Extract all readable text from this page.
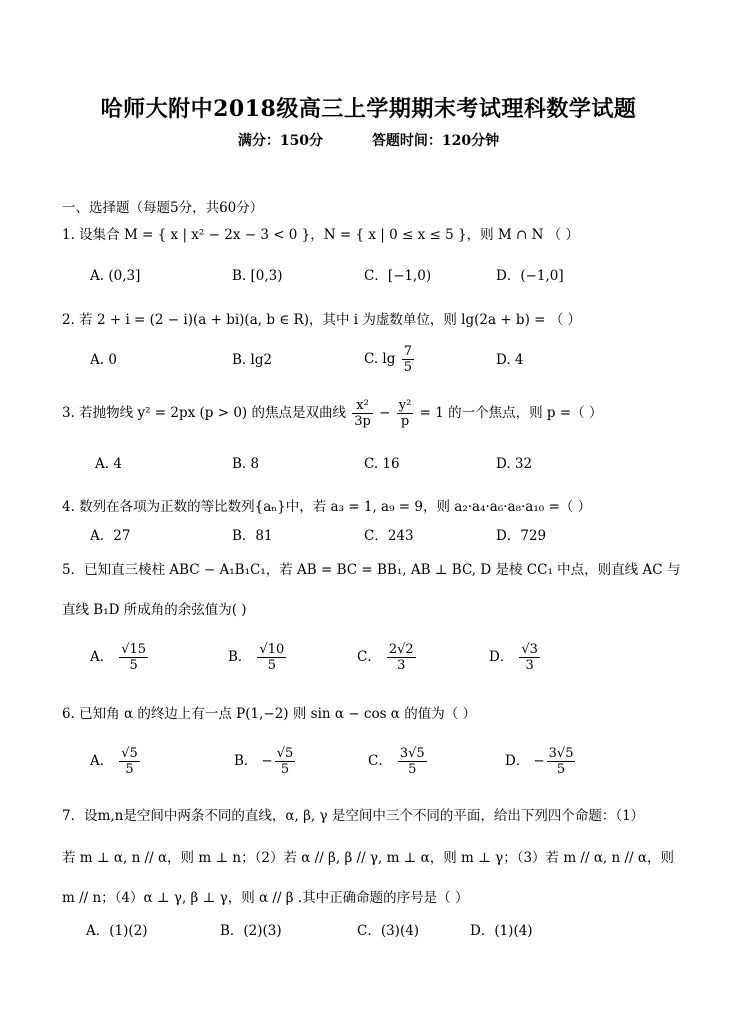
哈师大附中2018级高三上学期期末考试理科数学试题
满分：150分	答题时间：120分钟
一、选择题（每题5分，共60分）
1. 设集合 M = { x | x² − 2x − 3 < 0 }，N = { x | 0 ≤ x ≤ 5 }，则 M ∩ N （ ）
A. (0,3]	B. [0,3)	C．[−1,0)	D．(−1,0]
2. 若 2 + i = (2 − i)(a + bi)(a, b ∈ R)，其中 i 为虚数单位，则 lg(2a + b) = （ ）
A. 0	B. lg2	C. $\lg \frac{7}{5}$	D. 4
3. 若抛物线 y² = 2px (p > 0) 的焦点是双曲线 $\frac{\text{x²}}{3p} - \frac{\text{y²}}{p} = 1$ 的一个焦点，则 p =（ ）
A. 4	B. 8	C. 16	D. 32
4. 数列在各项为正数的等比数列{aₙ}中，若 a₃ = 1, a₉ = 9，则 a₂·a₄·a₆·a₈·a₁₀ =（ ）
A．27	B．81	C．243	D．729
5．已知直三棱柱 ABC − A₁B₁C₁，若 AB = BC = BB₁, AB ⊥ BC, D 是棱 CC₁ 中点，则直线 AC 与
直线 B₁D 所成角的余弦值为( )
A． $\frac{√15}{5}$	B． $\frac{√10}{5}$	C． $\frac{2√2}{3}$	D． $\frac{√3}{3}$
6. 已知角 α 的终边上有一点 P(1,−2) 则 sin α − cos α 的值为（ ）
A． $\frac{√5}{5}$	B． − $\frac{√5}{5}$	C． $\frac{3√5}{5}$	D． − $\frac{3√5}{5}$
7．设m,n是空间中两条不同的直线，α, β, γ 是空间中三个不同的平面，给出下列四个命题：（1）
若 m ⊥ α, n // α，则 m ⊥ n；（2）若 α // β, β // γ, m ⊥ α，则 m ⊥ γ；（3）若 m // α, n // α，则
m // n；（4）α ⊥ γ, β ⊥ γ，则 α // β .其中正确命题的序号是（ ）
A．(1)(2)	B．(2)(3)	C．(3)(4)	D．(1)(4)
